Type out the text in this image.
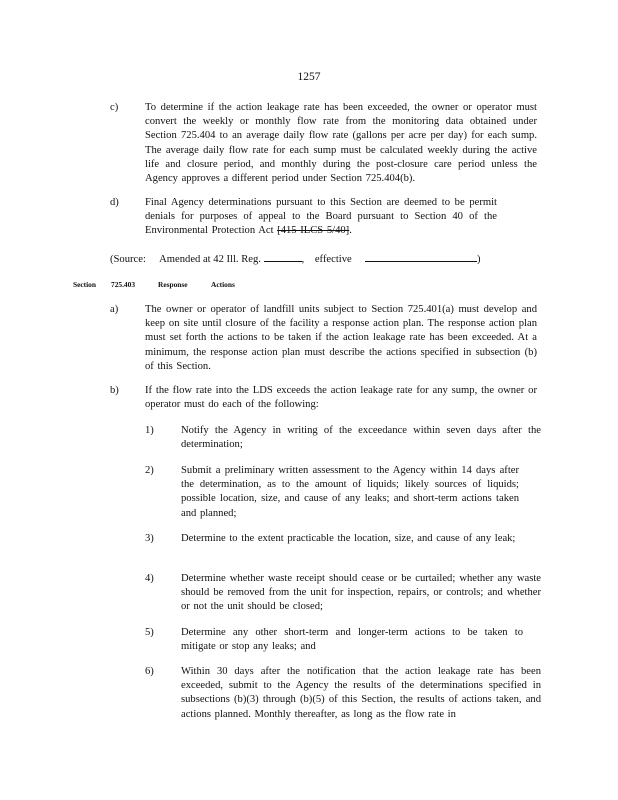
1257
c)	To determine if the action leakage rate has been exceeded, the owner or operator must convert the weekly or monthly flow rate from the monitoring data obtained under Section 725.404 to an average daily flow rate (gallons per acre per day) for each sump. The average daily flow rate for each sump must be calculated weekly during the active life and closure period, and monthly during the post-closure care period unless the Agency approves a different period under Section 725.404(b).
d) Final Agency determinations pursuant to this Section are deemed to be permit denials for purposes of appeal to the Board pursuant to Section 40 of the Environmental Protection Act [415 ILCS 5/40].
(Source: Amended at 42 Ill. Reg.	, effective	)
Section 725.403	Response	Actions
a)	The owner or operator of landfill units subject to Section 725.401(a) must develop and keep on site until closure of the facility a response action plan. The response action plan must set forth the actions to be taken if the action leakage rate has been exceeded. At a minimum, the response action plan must describe the actions specified in subsection (b) of this Section.
b) If the flow rate into the LDS exceeds the action leakage rate for any sump, the owner or operator must do each of the following:
1)	Notify the Agency in writing of the exceedance within seven days after the determination;
2)	Submit a preliminary written assessment to the Agency within 14 days after the determination, as to the amount of liquids; likely sources of liquids; possible location, size, and cause of any leaks; and short-term actions taken and planned;
3)	Determine to the extent practicable the location, size, and cause of any leak;
4)	Determine whether waste receipt should cease or be curtailed; whether any waste should be removed from the unit for inspection, repairs, or controls; and whether or not the unit should be closed;
5)	Determine any other short-term and longer-term actions to be taken to mitigate or stop any leaks; and
6)	Within 30 days after the notification that the action leakage rate has been exceeded, submit to the Agency the results of the determinations specified in subsections (b)(3) through (b)(5) of this Section, the results of actions taken, and actions planned. Monthly thereafter, as long as the flow rate in
